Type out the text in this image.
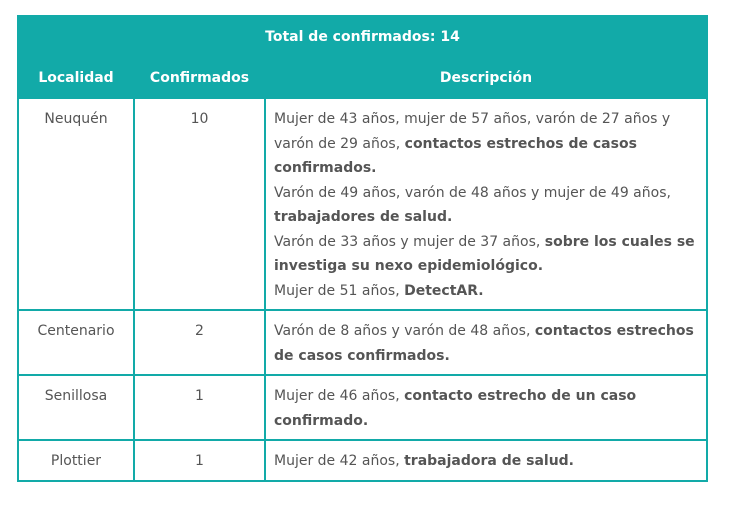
Total de confirmados: 14		
Localidad	Confirmados	Descripción
Neuquén	10	Mujer de 43 años, mujer de 57 años, varón de 27 años y varón de 29 años, contactos estrechos de casos confirmados.
Varón de 49 años, varón de 48 años y mujer de 49 años, trabajadores de salud.
Varón de 33 años y mujer de 37 años, sobre los cuales se investiga su nexo epidemiológico.
Mujer de 51 años, DetectAR.

Centenario	2	Varón de 8 años y varón de 48 años, contactos estrechos de casos confirmados.

Senillosa	1	Mujer de 46 años, contacto estrecho de un caso confirmado.

Plottier	1	Mujer de 42 años, trabajadora de salud.
